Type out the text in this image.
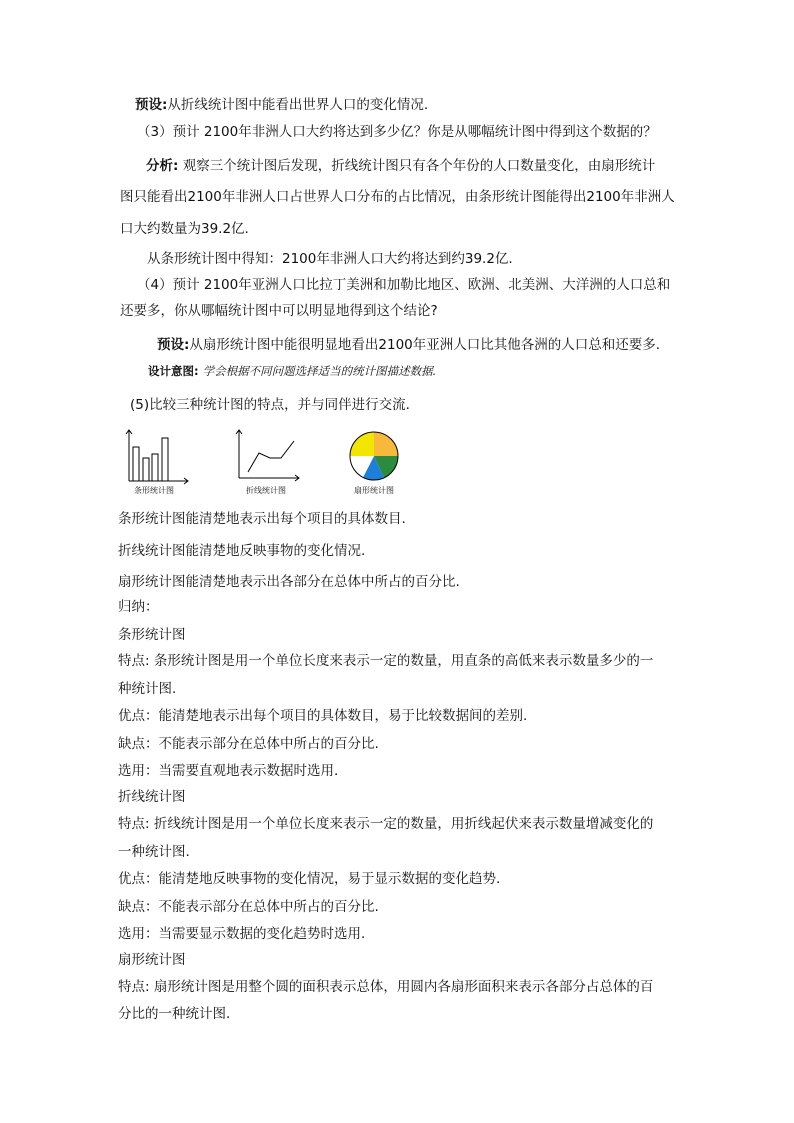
预设:从折线统计图中能看出世界人口的变化情况.
（3）预计 2100年非洲人口大约将达到多少亿？你是从哪幅统计图中得到这个数据的？
分析: 观察三个统计图后发现，折线统计图只有各个年份的人口数量变化，由扇形统计
图只能看出2100年非洲人口占世界人口分布的占比情况，由条形统计图能得出2100年非洲人
口大约数量为39.2亿.
从条形统计图中得知：2100年非洲人口大约将达到约39.2亿.
（4）预计 2100年亚洲人口比拉丁美洲和加勒比地区、欧洲、北美洲、大洋洲的人口总和
还要多，你从哪幅统计图中可以明显地得到这个结论?
预设:从扇形统计图中能很明显地看出2100年亚洲人口比其他各洲的人口总和还要多.
设计意图: 学会根据不同问题选择适当的统计图描述数据.
(5)比较三种统计图的特点，并与同伴进行交流．
条形统计图	折线统计图	扇形统计图
条形统计图能清楚地表示出每个项目的具体数目.
折线统计图能清楚地反映事物的变化情况.
扇形统计图能清楚地表示出各部分在总体中所占的百分比.
归纳：
条形统计图
特点: 条形统计图是用一个单位长度来表示一定的数量，用直条的高低来表示数量多少的一
种统计图.
优点：能清楚地表示出每个项目的具体数目，易于比较数据间的差别.
缺点：不能表示部分在总体中所占的百分比.
选用：当需要直观地表示数据时选用.
折线统计图
特点: 折线统计图是用一个单位长度来表示一定的数量，用折线起伏来表示数量增减变化的
一种统计图.
优点：能清楚地反映事物的变化情况，易于显示数据的变化趋势.
缺点：不能表示部分在总体中所占的百分比.
选用：当需要显示数据的变化趋势时选用.
扇形统计图
特点: 扇形统计图是用整个圆的面积表示总体，用圆内各扇形面积来表示各部分占总体的百
分比的一种统计图.
